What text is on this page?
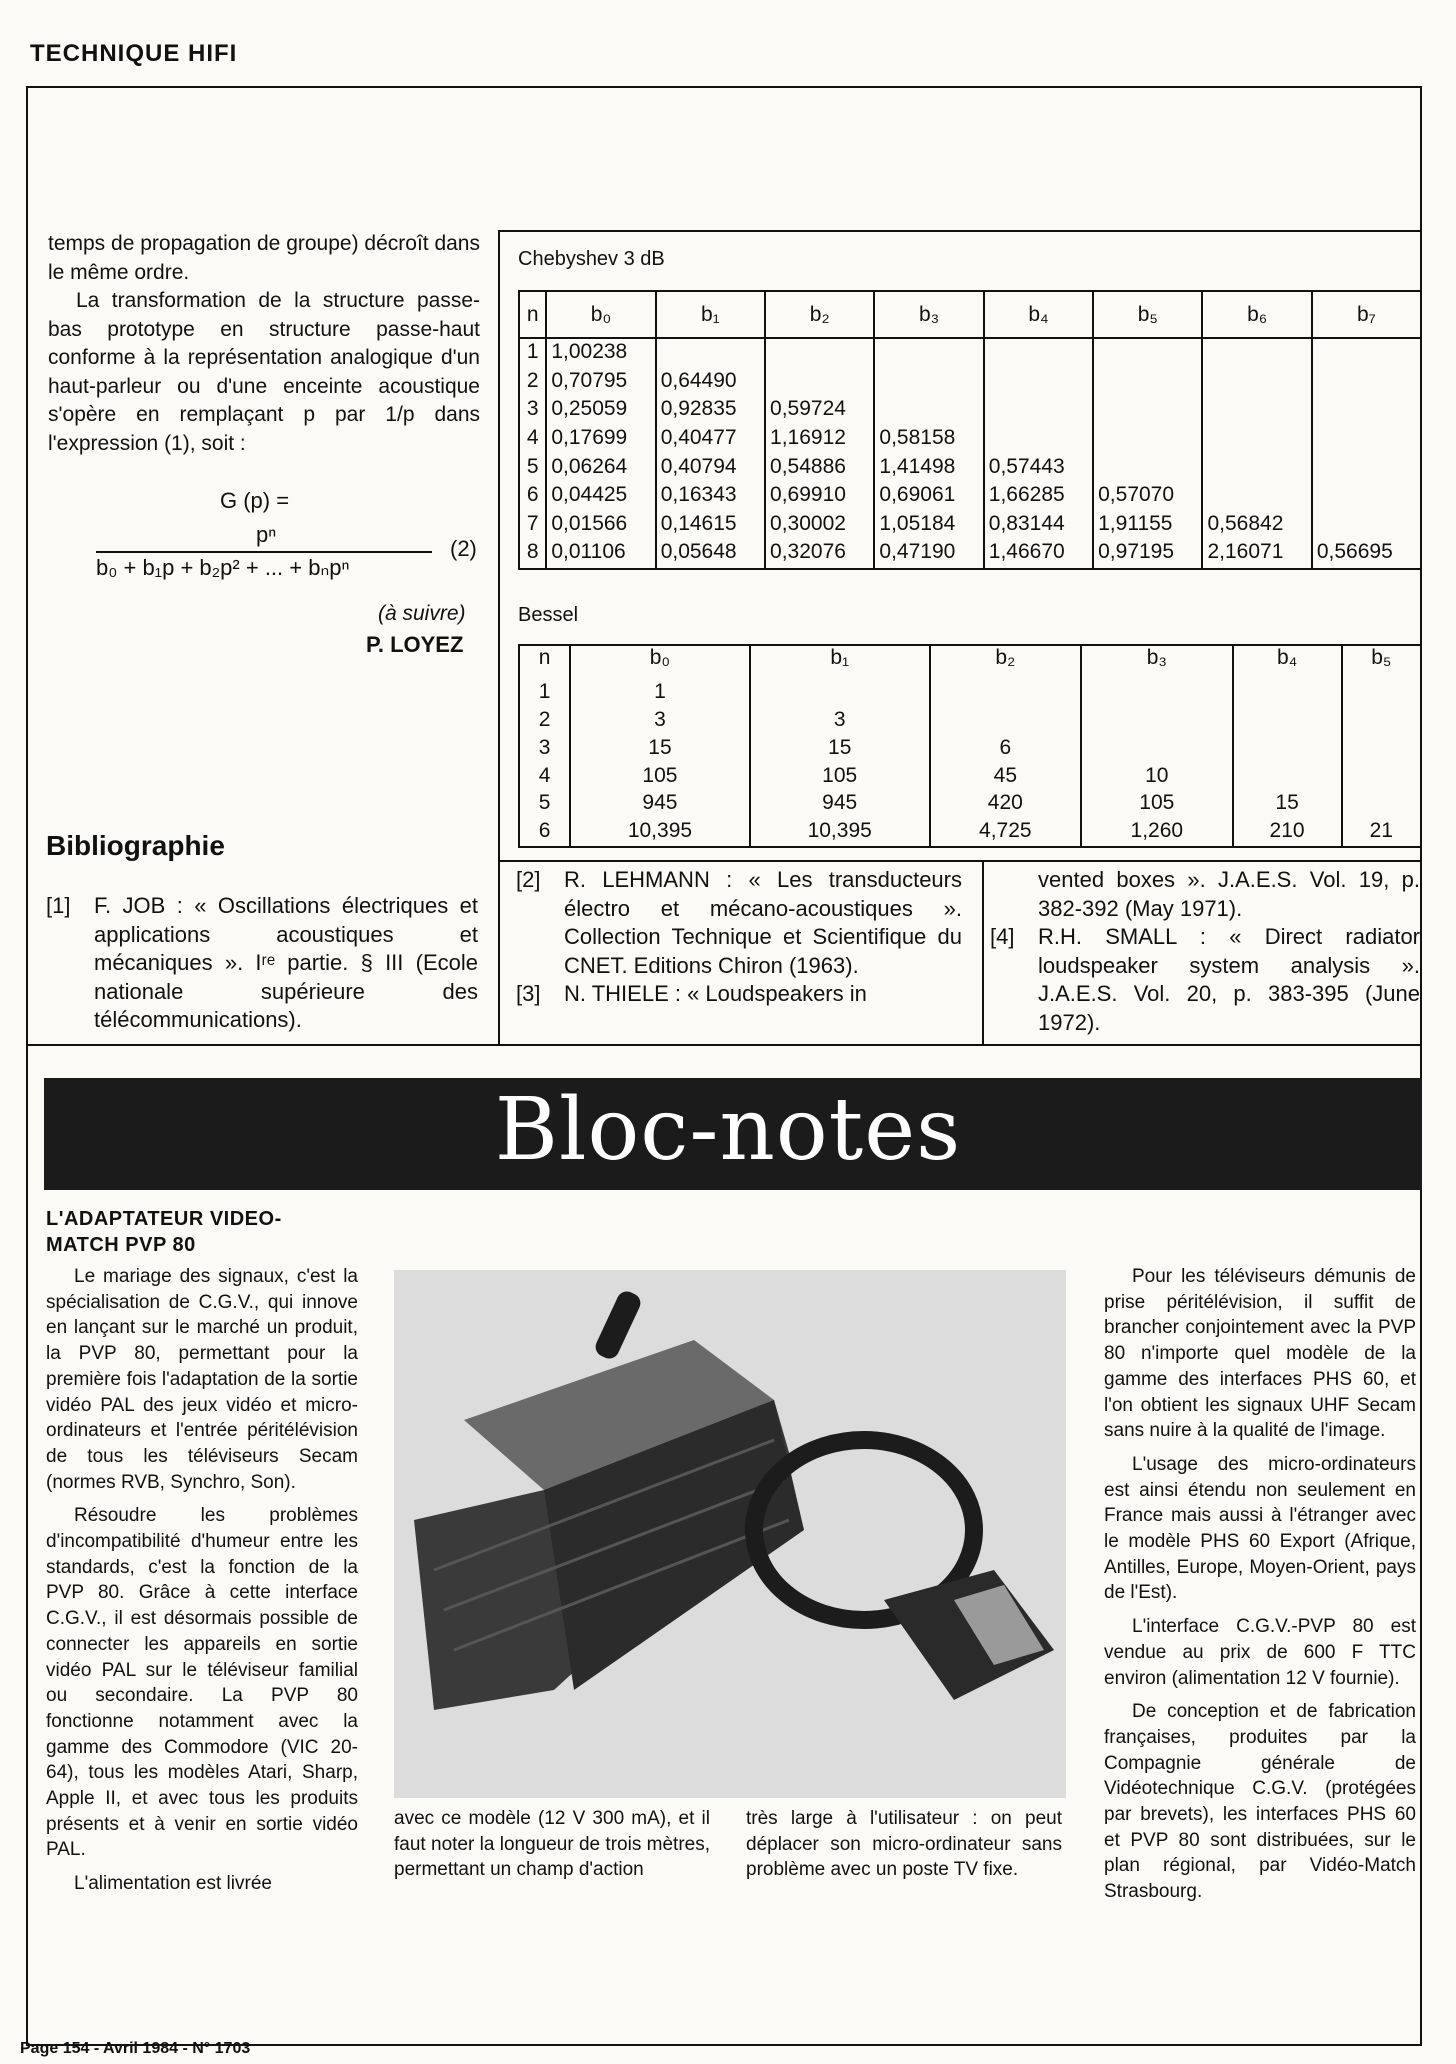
TECHNIQUE HIFI

temps de propagation de groupe) décroît dans le même ordre.

La transformation de la structure passe-bas prototype en structure passe-haut conforme à la représentation analogique d'un haut-parleur ou d'une enceinte acoustique s'opère en remplaçant p par 1/p dans l'expression (1), soit :

G (p) =
pⁿ
b₀ + b₁p + b₂p² + ... + bₙpⁿ
(2)
(à suivre)
P. LOYEZ
Chebyshev 3 dB
n	b₀	b₁	b₂	b₃	b₄	b₅	b₆	b₇
1	1,00238							
2	0,70795	0,64490						
3	0,25059	0,92835	0,59724					
4	0,17699	0,40477	1,16912	0,58158				
5	0,06264	0,40794	0,54886	1,41498	0,57443			
6	0,04425	0,16343	0,69910	0,69061	1,66285	0,57070		
7	0,01566	0,14615	0,30002	1,05184	0,83144	1,91155	0,56842	
8	0,01106	0,05648	0,32076	0,47190	1,46670	0,97195	2,16071	0,56695
Bessel
n	b₀	b₁	b₂	b₃	b₄	b₅
1	1					
2	3	3				
3	15	15	6			
4	105	105	45	10		
5	945	945	420	105	15	
6	10,395	10,395	4,725	1,260	210	21
Bibliographie
[1]	F. JOB : « Oscillations électriques et applications acoustiques et mécaniques ». Iʳᵉ partie. § III (Ecole nationale supérieure des télécommunications).
[2]	R. LEHMANN : « Les transducteurs électro et mécano-acoustiques ». Collection Technique et Scientifique du CNET. Editions Chiron (1963).
[3]	N. THIELE : « Loudspeakers in
vented boxes ». J.A.E.S. Vol. 19, p. 382-392 (May 1971).
[4]	R.H. SMALL : « Direct radiator loudspeaker system analysis ». J.A.E.S. Vol. 20, p. 383-395 (June 1972).
Bloc-notes
L'ADAPTATEUR VIDEO-MATCH PVP 80

Le mariage des signaux, c'est la spécialisation de C.G.V., qui innove en lançant sur le marché un produit, la PVP 80, permettant pour la première fois l'adaptation de la sortie vidéo PAL des jeux vidéo et micro-ordinateurs et l'entrée péritélévision de tous les téléviseurs Secam (normes RVB, Synchro, Son).

Résoudre les problèmes d'incompatibilité d'humeur entre les standards, c'est la fonction de la PVP 80. Grâce à cette interface C.G.V., il est désormais possible de connecter les appareils en sortie vidéo PAL sur le téléviseur familial ou secondaire. La PVP 80 fonctionne notamment avec la gamme des Commodore (VIC 20-64), tous les modèles Atari, Sharp, Apple II, et avec tous les produits présents et à venir en sortie vidéo PAL.

L'alimentation est livrée

avec ce modèle (12 V 300 mA), et il faut noter la longueur de trois mètres, permettant un champ d'action
très large à l'utilisateur : on peut déplacer son micro-ordinateur sans problème avec un poste TV fixe.

Pour les téléviseurs démunis de prise péritélévision, il suffit de brancher conjointement avec la PVP 80 n'importe quel modèle de la gamme des interfaces PHS 60, et l'on obtient les signaux UHF Secam sans nuire à la qualité de l'image.

L'usage des micro-ordinateurs est ainsi étendu non seulement en France mais aussi à l'étranger avec le modèle PHS 60 Export (Afrique, Antilles, Europe, Moyen-Orient, pays de l'Est).

L'interface C.G.V.-PVP 80 est vendue au prix de 600 F TTC environ (alimentation 12 V fournie).

De conception et de fabrication françaises, produites par la Compagnie générale de Vidéotechnique C.G.V. (protégées par brevets), les interfaces PHS 60 et PVP 80 sont distribuées, sur le plan régional, par Vidéo-Match Strasbourg.

Page 154 - Avril 1984 - N° 1703
